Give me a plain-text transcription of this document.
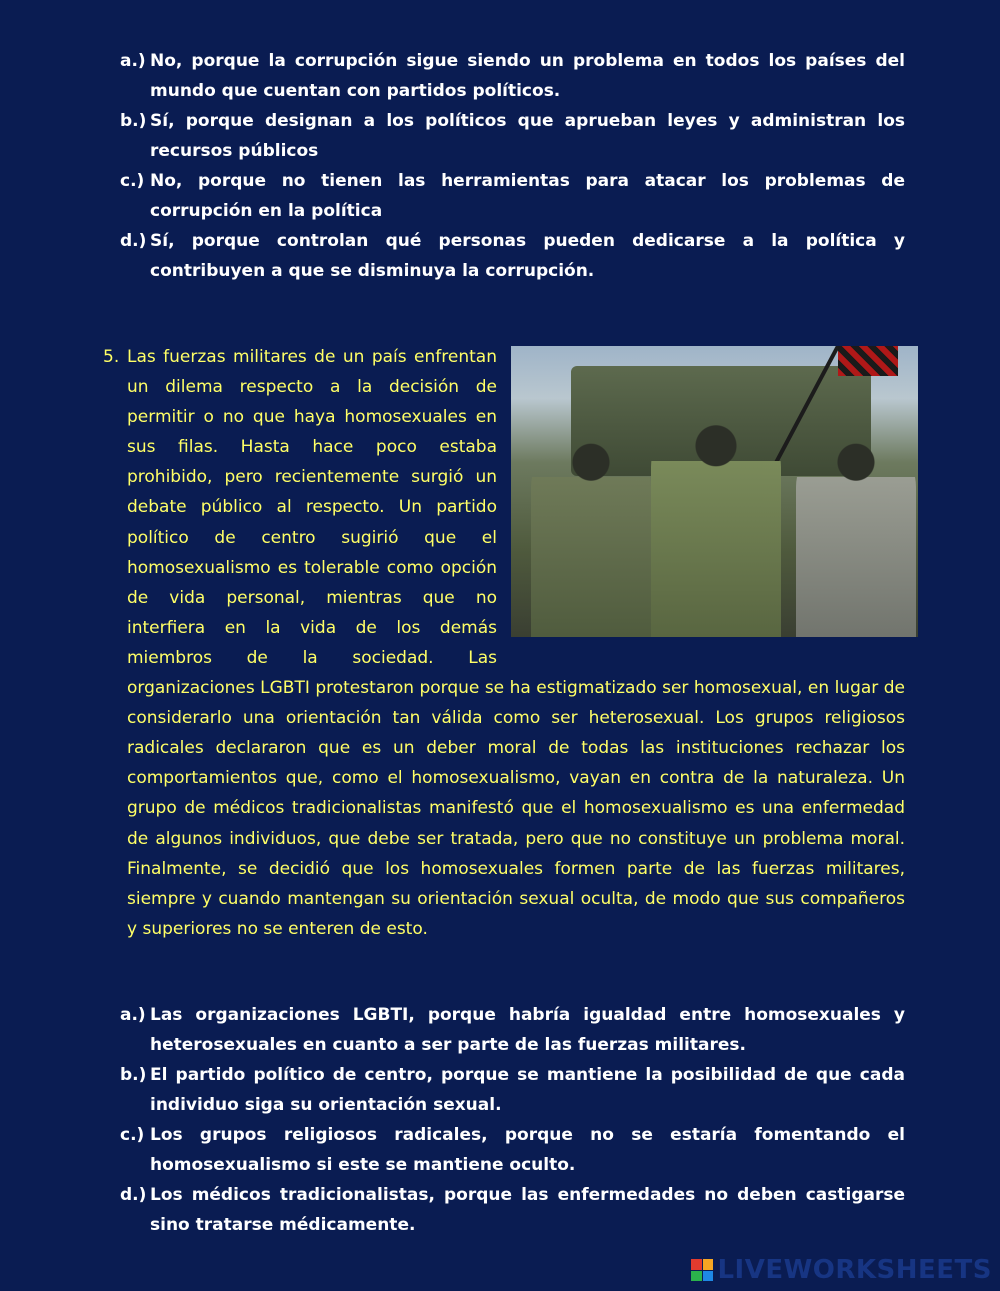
a.) No, porque la corrupción sigue siendo un problema en todos los países del mundo que cuentan con partidos políticos.
b.) Sí, porque designan a los políticos que aprueban leyes y administran los recursos públicos
c.) No, porque no tienen las herramientas para atacar los problemas de corrupción en la política
d.) Sí, porque controlan qué personas pueden dedicarse a la política y contribuyen a que se disminuya la corrupción.
5. Las fuerzas militares de un país enfrentan un dilema respecto a la decisión de permitir o no que haya homosexuales en sus filas. Hasta hace poco estaba prohibido, pero recientemente surgió un debate público al respecto. Un partido político de centro sugirió que el homosexualismo es tolerable como opción de vida personal, mientras que no interfiera en la vida de los demás miembros de la sociedad. Las organizaciones LGBTI protestaron porque se ha estigmatizado ser homosexual, en lugar de considerarlo una orientación tan válida como ser heterosexual. Los grupos religiosos radicales declararon que es un deber moral de todas las instituciones rechazar los comportamientos que, como el homosexualismo, vayan en contra de la naturaleza. Un grupo de médicos tradicionalistas manifestó que el homosexualismo es una enfermedad de algunos individuos, que debe ser tratada, pero que no constituye un problema moral. Finalmente, se decidió que los homosexuales formen parte de las fuerzas militares, siempre y cuando mantengan su orientación sexual oculta, de modo que sus compañeros y superiores no se enteren de esto.
a.) Las organizaciones LGBTI, porque habría igualdad entre homosexuales y heterosexuales en cuanto a ser parte de las fuerzas militares.
b.) El partido político de centro, porque se mantiene la posibilidad de que cada individuo siga su orientación sexual.
c.) Los grupos religiosos radicales, porque no se estaría fomentando el homosexualismo si este se mantiene oculto.
d.) Los médicos tradicionalistas, porque las enfermedades no deben castigarse sino tratarse médicamente.
LIVEWORKSHEETS
